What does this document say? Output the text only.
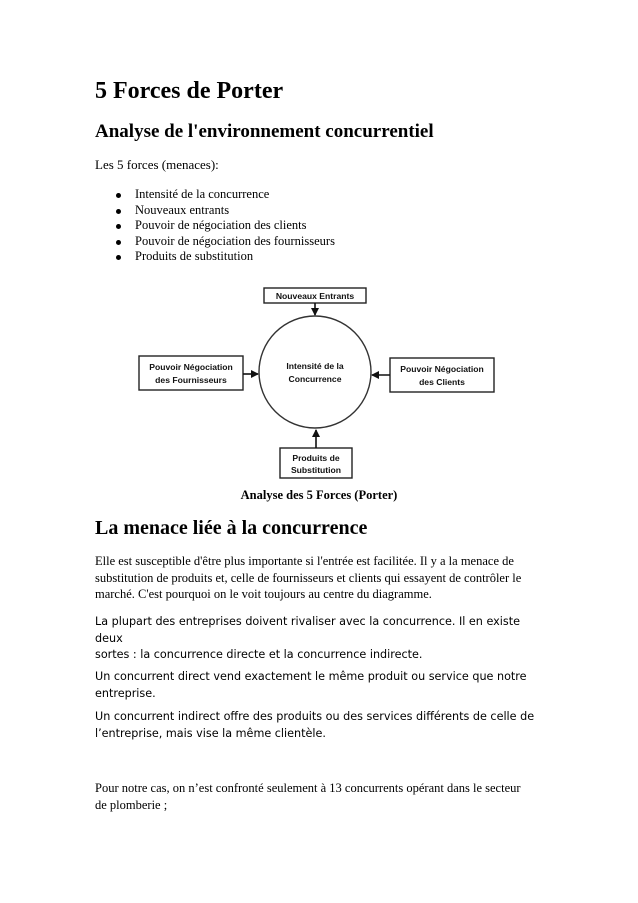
5 Forces de Porter
Analyse de l'environnement concurrentiel

Les 5 forces (menaces):

Intensité de la concurrence
Nouveaux entrants
Pouvoir de négociation des clients
Pouvoir de négociation des fournisseurs
Produits de substitution
Intensité de la
Concurrence
Nouveaux Entrants
Pouvoir Négociation
des Fournisseurs
Pouvoir Négociation
des Clients
Produits de
Substitution

Analyse des 5 Forces (Porter)

La menace liée à la concurrence

Elle est susceptible d'être plus importante si l'entrée est facilitée. Il y a la menace de
substitution de produits et, celle de fournisseurs et clients qui essayent de contrôler le
marché. C'est pourquoi on le voit toujours au centre du diagramme.

La plupart des entreprises doivent rivaliser avec la concurrence. Il en existe deux
sortes : la concurrence directe et la concurrence indirecte.

Un concurrent direct vend exactement le même produit ou service que notre
entreprise.

Un concurrent indirect offre des produits ou des services différents de celle de
l’entreprise, mais vise la même clientèle.

Pour notre cas, on n’est confronté seulement à 13 concurrents opérant dans le secteur
de plomberie ;
